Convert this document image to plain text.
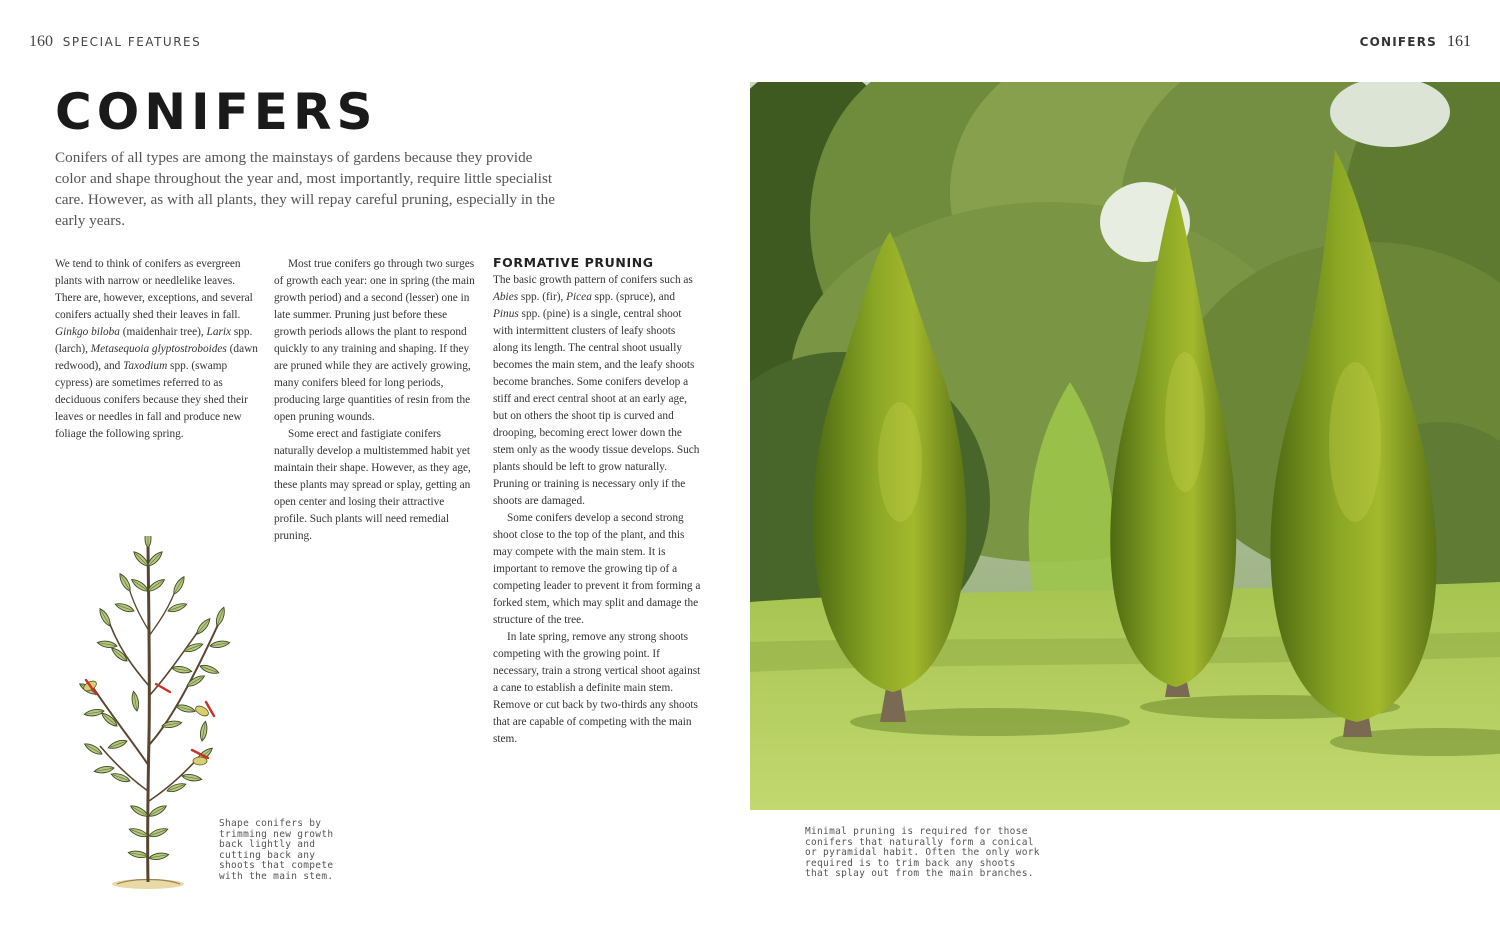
160 SPECIAL FEATURES	CONIFERS 161
CONIFERS

Conifers of all types are among the mainstays of gardens because they provide color and shape throughout the year and, most importantly, require little specialist care. However, as with all plants, they will repay careful pruning, especially in the early years.

We tend to think of conifers as evergreen plants with narrow or needlelike leaves. There are, however, exceptions, and several conifers actually shed their leaves in fall. Ginkgo biloba (maidenhair tree), Larix spp. (larch), Metasequoia glyptostroboides (dawn redwood), and Taxodium spp. (swamp cypress) are sometimes referred to as deciduous conifers because they shed their leaves or needles in fall and produce new foliage the following spring.

Most true conifers go through two surges of growth each year: one in spring (the main growth period) and a second (lesser) one in late summer. Pruning just before these growth periods allows the plant to respond quickly to any training and shaping. If they are pruned while they are actively growing, many conifers bleed for long periods, producing large quantities of resin from the open pruning wounds.

Some erect and fastigiate conifers naturally develop a multistemmed habit yet maintain their shape. However, as they age, these plants may spread or splay, getting an open center and losing their attractive profile. Such plants will need remedial pruning.

FORMATIVE PRUNING

The basic growth pattern of conifers such as Abies spp. (fir), Picea spp. (spruce), and Pinus spp. (pine) is a single, central shoot with intermittent clusters of leafy shoots along its length. The central shoot usually becomes the main stem, and the leafy shoots become branches. Some conifers develop a stiff and erect central shoot at an early age, but on others the shoot tip is curved and drooping, becoming erect lower down the stem only as the woody tissue develops. Such plants should be left to grow naturally. Pruning or training is necessary only if the shoots are damaged.

Some conifers develop a second strong shoot close to the top of the plant, and this may compete with the main stem. It is important to remove the growing tip of a competing leader to prevent it from forming a forked stem, which may split and damage the structure of the tree.

In late spring, remove any strong shoots competing with the growing point. If necessary, train a strong vertical shoot against a cane to establish a definite main stem. Remove or cut back by two-thirds any shoots that are capable of competing with the main stem.

Shape conifers by trimming new growth back lightly and cutting back any shoots that compete with the main stem.

Minimal pruning is required for those conifers that naturally form a conical or pyramidal habit. Often the only work required is to trim back any shoots that splay out from the main branches.
